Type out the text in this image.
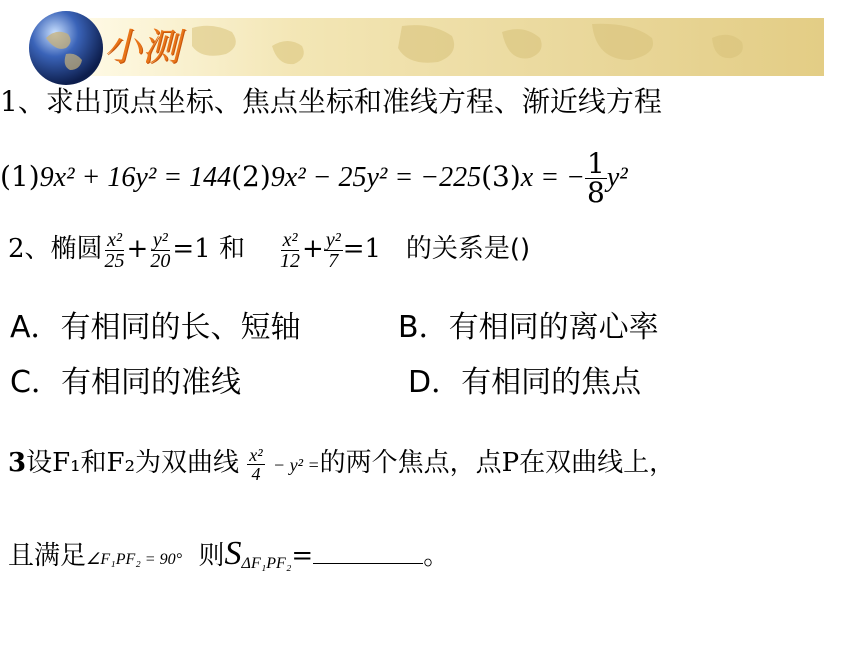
小测
1、求出顶点坐标、焦点坐标和准线方程、渐近线方程
(1)9x² + 16y² = 144(2)9x² − 25y² = −225(3)x = − $\frac{1}{8} y^2$
2、椭圆 $\frac{\text{x²}}{25} + \frac{\text{y²}}{20} =1$ 和 $\frac{\text{x²}}{12} + \frac{\text{y²}}{7} =1$ 的关系是()
A．有相同的长、短轴	B．有相同的离心率
C．有相同的准线	D．有相同的焦点
3设F₁和F₂为双曲线 $\frac{\text{x²}}{4} - y^2$ =的两个焦点，点P在双曲线上，
且满足∠F₁PF₂ = 90° 则$S_{\Delta F_1PF_2}=$	。
